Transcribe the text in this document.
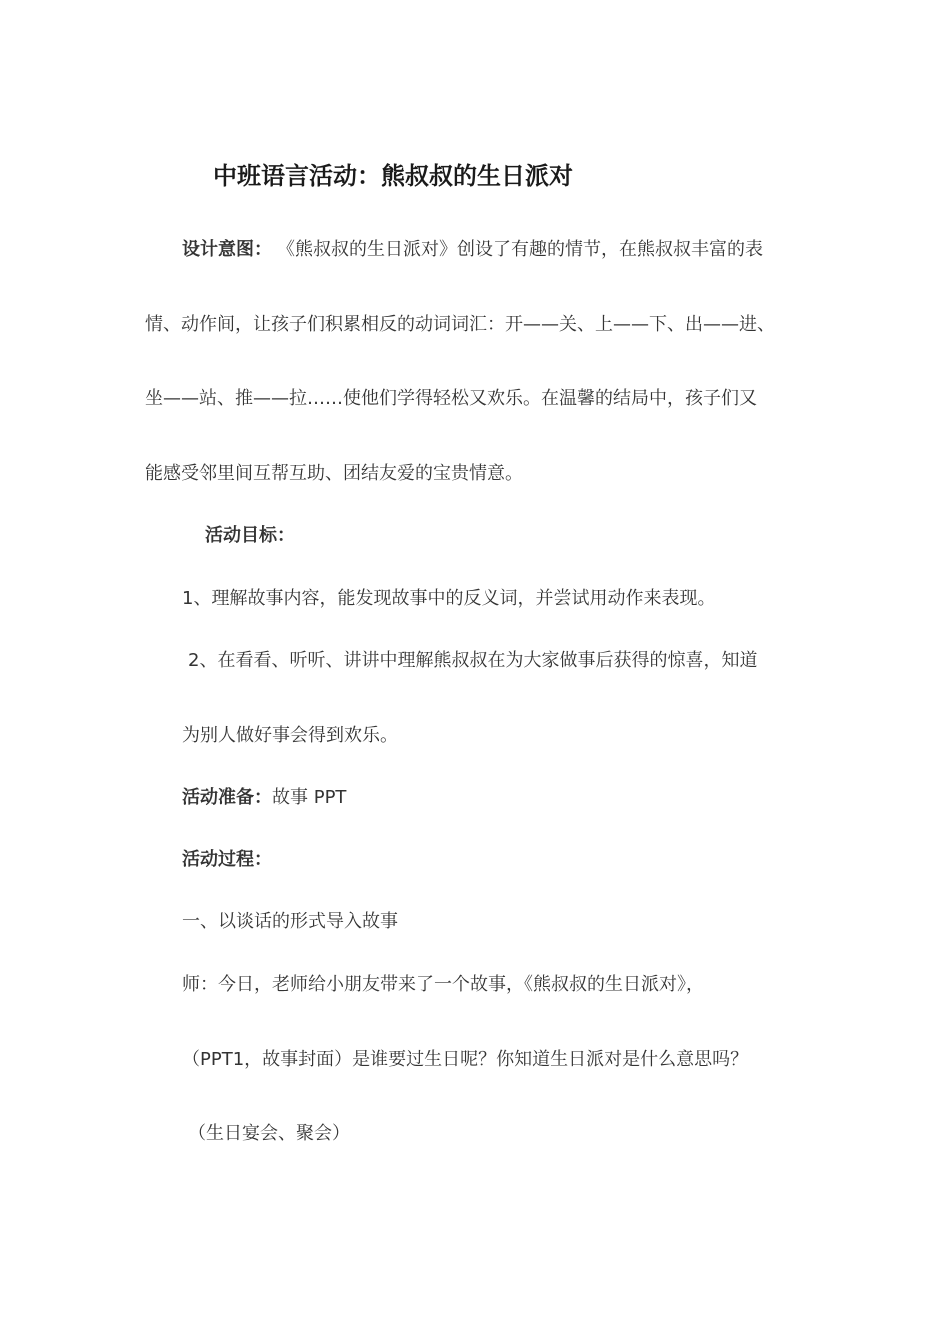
中班语言活动：熊叔叔的生日派对

设计意图： 《熊叔叔的生日派对》创设了有趣的情节，在熊叔叔丰富的表

情、动作间，让孩子们积累相反的动词词汇：开——关、上——下、出——进、

坐——站、推——拉……使他们学得轻松又欢乐。在温馨的结局中，孩子们又

能感受邻里间互帮互助、团结友爱的宝贵情意。

活动目标：

1、理解故事内容，能发现故事中的反义词，并尝试用动作来表现。

2、在看看、听听、讲讲中理解熊叔叔在为大家做事后获得的惊喜，知道

为别人做好事会得到欢乐。

活动准备：故事 PPT

活动过程：

一、以谈话的形式导入故事

师：今日，老师给小朋友带来了一个故事，《熊叔叔的生日派对》，

（PPT1，故事封面）是谁要过生日呢？你知道生日派对是什么意思吗？

（生日宴会、聚会）
